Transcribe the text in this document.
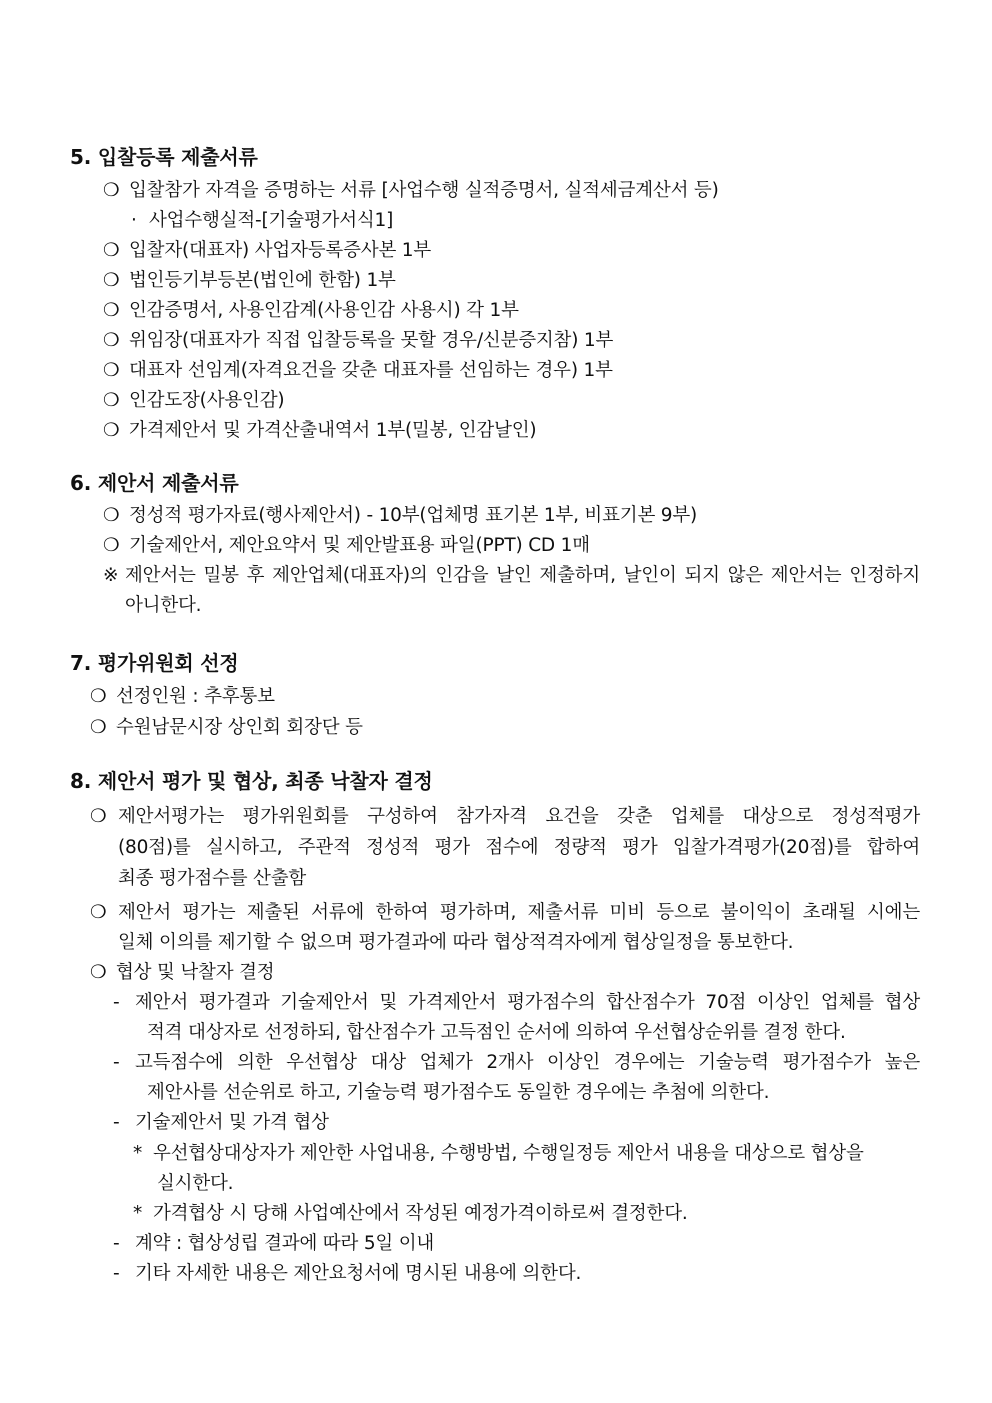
5. 입찰등록 제출서류
❍ 입찰참가 자격을 증명하는 서류 [사업수행 실적증명서, 실적세금계산서 등)
· 사업수행실적-[기술평가서식1]
❍ 입찰자(대표자) 사업자등록증사본 1부
❍ 법인등기부등본(법인에 한함) 1부
❍ 인감증명서, 사용인감계(사용인감 사용시) 각 1부
❍ 위임장(대표자가 직접 입찰등록을 못할 경우/신분증지참) 1부
❍ 대표자 선임계(자격요건을 갖춘 대표자를 선임하는 경우) 1부
❍ 인감도장(사용인감)
❍ 가격제안서 및 가격산출내역서 1부(밀봉, 인감날인)
6. 제안서 제출서류
❍ 정성적 평가자료(행사제안서) - 10부(업체명 표기본 1부, 비표기본 9부)
❍ 기술제안서, 제안요약서 및 제안발표용 파일(PPT) CD 1매
※ 제안서는 밀봉 후 제안업체(대표자)의 인감을 날인 제출하며, 날인이 되지 않은 제안서는 인정하지
아니한다.
7. 평가위원회 선정
❍ 선정인원 : 추후통보
❍ 수원남문시장 상인회 회장단 등
8. 제안서 평가 및 협상, 최종 낙찰자 결정
❍ 제안서평가는 평가위원회를 구성하여 참가자격 요건을 갖춘 업체를 대상으로 정성적평가
(80점)를 실시하고, 주관적 정성적 평가 점수에 정량적 평가 입찰가격평가(20점)를 합하여
최종 평가점수를 산출함
❍ 제안서 평가는 제출된 서류에 한하여 평가하며, 제출서류 미비 등으로 불이익이 초래될 시에는
일체 이의를 제기할 수 없으며 평가결과에 따라 협상적격자에게 협상일정을 통보한다.
❍ 협상 및 낙찰자 결정
- 제안서 평가결과 기술제안서 및 가격제안서 평가점수의 합산점수가 70점 이상인 업체를 협상
적격 대상자로 선정하되, 합산점수가 고득점인 순서에 의하여 우선협상순위를 결정 한다.
- 고득점수에 의한 우선협상 대상 업체가 2개사 이상인 경우에는 기술능력 평가점수가 높은
제안사를 선순위로 하고, 기술능력 평가점수도 동일한 경우에는 추첨에 의한다.
- 기술제안서 및 가격 협상
* 우선협상대상자가 제안한 사업내용, 수행방법, 수행일정등 제안서 내용을 대상으로 협상을
실시한다.
* 가격협상 시 당해 사업예산에서 작성된 예정가격이하로써 결정한다.
- 계약 : 협상성립 결과에 따라 5일 이내
- 기타 자세한 내용은 제안요청서에 명시된 내용에 의한다.
